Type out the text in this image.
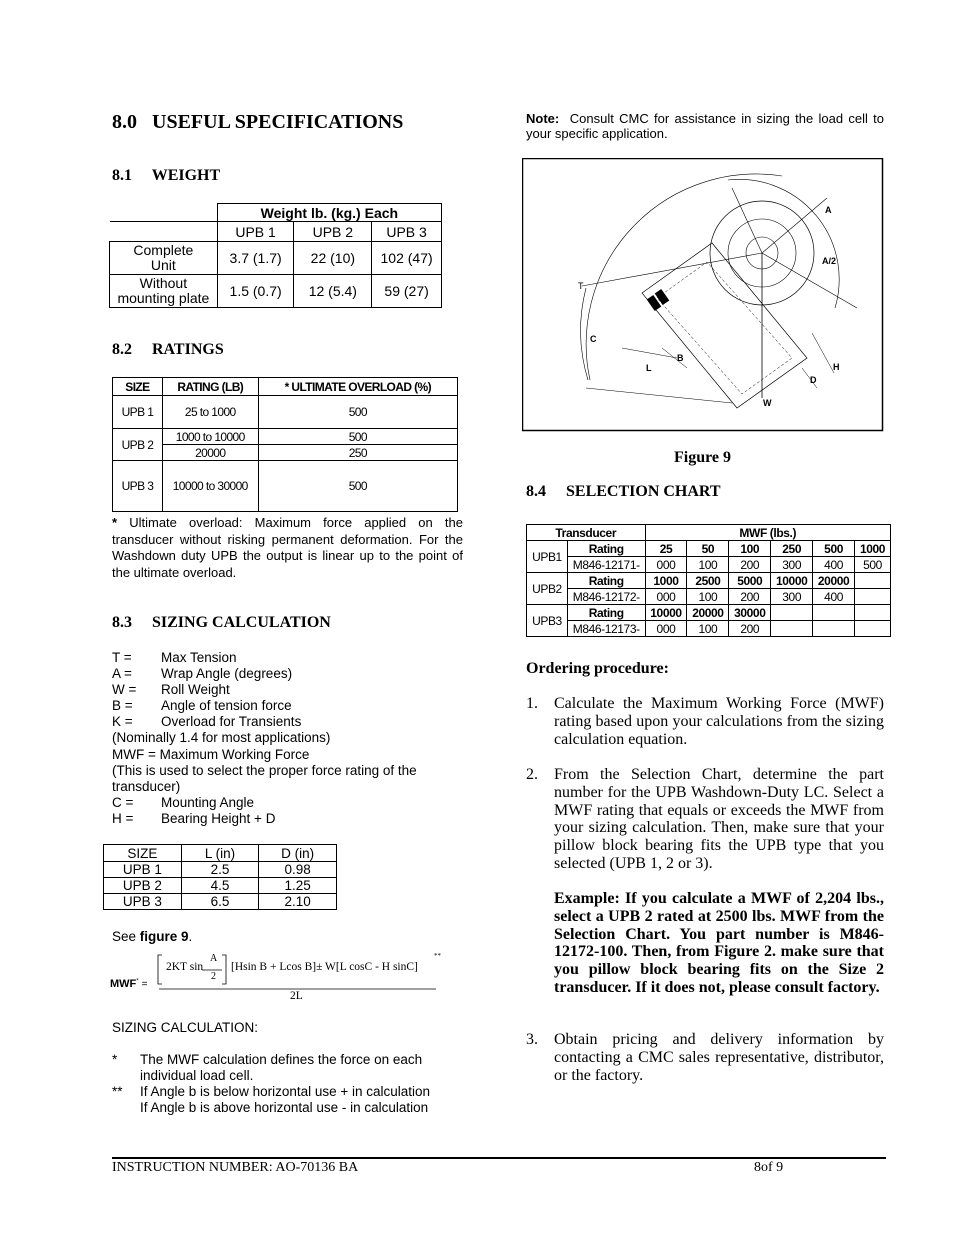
8.0   USEFUL SPECIFICATIONS
8.1     WEIGHT
	Weight lb. (kg.) Each		
	UPB 1	UPB 2	UPB 3
Complete
Unit	3.7 (1.7)	22 (10)	102 (47)
Without
mounting plate	1.5 (0.7)	12 (5.4)	59 (27)
8.2     RATINGS
SIZE	RATING (LB)	* ULTIMATE OVERLOAD (%)
UPB 1	25 to 1000	500
UPB 2	1000 to 10000	500
	20000	250
UPB 3	10000 to 30000	500
* Ultimate overload: Maximum force applied on the transducer without risking permanent deformation. For the Washdown duty UPB the output is linear up to the point of the ultimate overload.
8.3     SIZING CALCULATION
T =	Max Tension
A =	Wrap Angle (degrees)
W =	Roll Weight
B =	Angle of tension force
K =	Overload for Transients
(Nominally 1.4 for most applications)
MWF = Maximum Working Force
(This is used to select the proper force rating of the transducer)
C =	Mounting Angle
H =	Bearing Height + D
SIZE	L (in)	D (in)
UPB 1	2.5	0.98
UPB 2	4.5	1.25
UPB 3	6.5	2.10
See figure 9.
MWF* =
2KT sin
A
2
[Hsin B + Lcos B]± W[L cosC - H sinC]
**
2L
SIZING CALCULATION:
*	The MWF calculation defines the force on each
individual load cell.
**	If Angle b is below horizontal use + in calculation
If Angle b is above horizontal use - in calculation
Note: Consult CMC for assistance in sizing the load cell to your specific application.
A
A/2
T
C
B
L	H
D
W
Figure 9
8.4     SELECTION CHART
Transducer		MWF (lbs.)					
UPB1	Rating	25	50	100	250	500	1000
	M846-12171-	000	100	200	300	400	500
UPB2	Rating	1000	2500	5000	10000	20000	
	M846-12172-	000	100	200	300	400	
UPB3	Rating	10000	20000	30000			
	M846-12173-	000	100	200			
Ordering procedure:
1. Calculate the Maximum Working Force (MWF) rating based upon your calculations from the sizing calculation equation.
2. From the Selection Chart, determine the part number for the UPB Washdown-Duty LC. Select a MWF rating that equals or exceeds the MWF from your sizing calculation. Then, make sure that your pillow block bearing fits the UPB type that you selected (UPB 1, 2 or 3).
Example: If you calculate a MWF of 2,204 lbs., select a UPB 2 rated at 2500 lbs. MWF from the Selection Chart. You part number is M846-12172-100. Then, from Figure 2. make sure that you pillow block bearing fits on the Size 2 transducer. If it does not, please consult factory.
3. Obtain pricing and delivery information by contacting a CMC sales representative, distributor, or the factory.
INSTRUCTION NUMBER: AO-70136 BA	8of 9
